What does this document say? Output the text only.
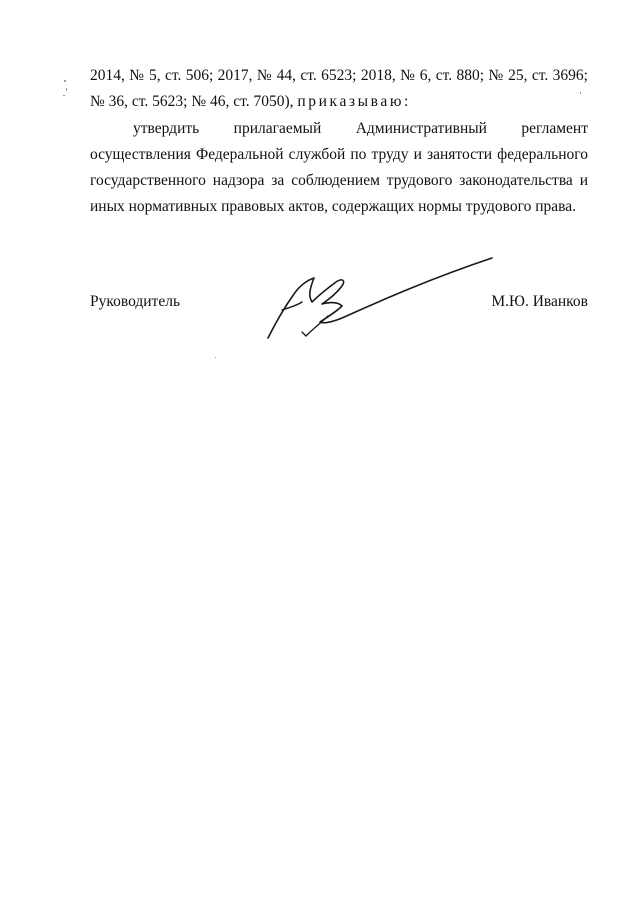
2014, № 5, ст. 506; 2017, № 44, ст. 6523; 2018, № 6, ст. 880; № 25, ст. 3696;
№ 36, ст. 5623; № 46, ст. 7050), приказываю:
утвердить прилагаемый Административный регламент
осуществления Федеральной службой по труду и занятости федерального
государственного надзора за соблюдением трудового законодательства и
иных нормативных правовых актов, содержащих нормы трудового права.
Руководитель	М.Ю. Иванков
